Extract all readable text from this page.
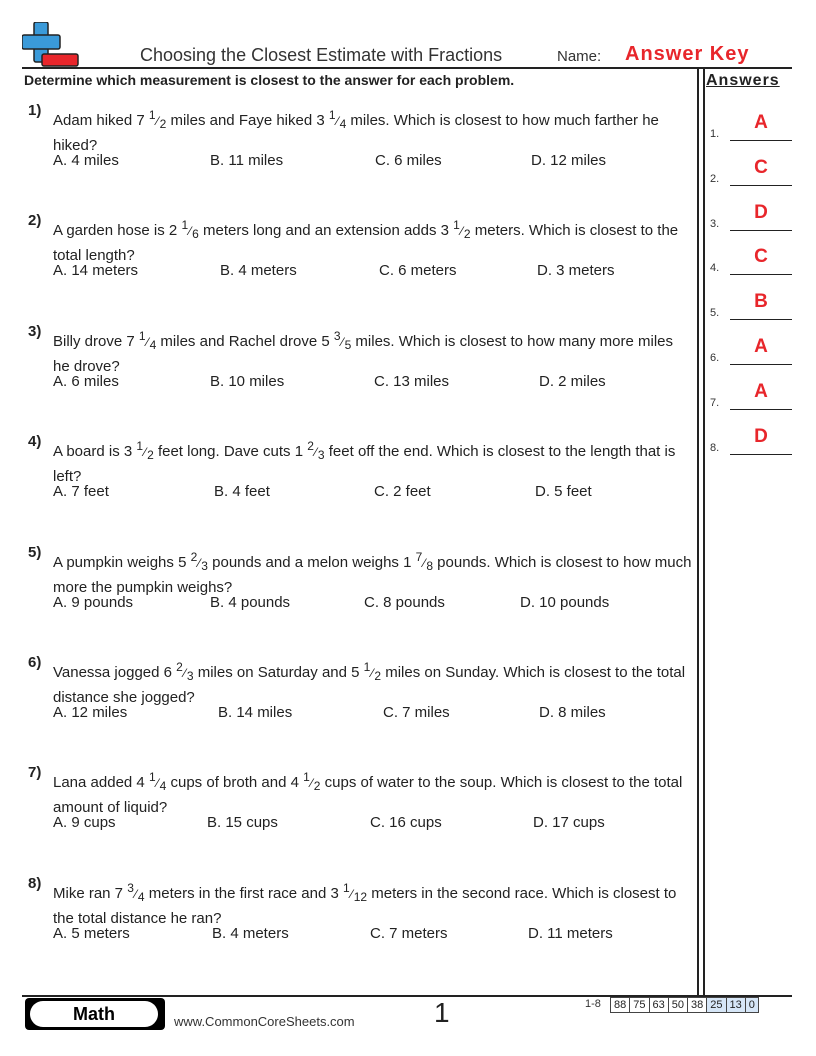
Choosing the Closest Estimate with Fractions	Name: Answer Key
Determine which measurement is closest to the answer for each problem.	Answers
1)
Adam hiked 7 $^1⁄_2$ miles and Faye hiked 3 $^1⁄_4$ miles. Which is closest to how much farther he hiked?
A. 4 miles	B. 11 miles	C. 6 miles	D. 12 miles
2)
A garden hose is 2 $^1⁄_6$ meters long and an extension adds 3 $^1⁄_2$ meters. Which is closest to the total length?
A. 14 meters	B. 4 meters	C. 6 meters	D. 3 meters
3)
Billy drove 7 $^1⁄_4$ miles and Rachel drove 5 $^3⁄_5$ miles. Which is closest to how many more miles he drove?
A. 6 miles	B. 10 miles	C. 13 miles	D. 2 miles
4)
A board is 3 $^1⁄_2$ feet long. Dave cuts 1 $^2⁄_3$ feet off the end. Which is closest to the length that is left?
A. 7 feet	B. 4 feet	C. 2 feet	D. 5 feet
5)
A pumpkin weighs 5 $^2⁄_3$ pounds and a melon weighs 1 $^7⁄_8$ pounds. Which is closest to how much more the pumpkin weighs?
A. 9 pounds	B. 4 pounds	C. 8 pounds	D. 10 pounds
6)
Vanessa jogged 6 $^2⁄_3$ miles on Saturday and 5 $^1⁄_2$ miles on Sunday. Which is closest to the total distance she jogged?
A. 12 miles	B. 14 miles	C. 7 miles	D. 8 miles
7)
Lana added 4 $^1⁄_4$ cups of broth and 4 $^1⁄_2$ cups of water to the soup. Which is closest to the total amount of liquid?
A. 9 cups	B. 15 cups	C. 16 cups	D. 17 cups
8)
Mike ran 7 $^3⁄_4$ meters in the first race and 3 $^1⁄_{12}$ meters in the second race. Which is closest to the total distance he ran?
A. 5 meters	B. 4 meters	C. 7 meters	D. 11 meters
1.
A
2.
C
3.
D
4.
C
5.
B
6.
A
7.
A
8.
D
Math	www.CommonCoreSheets.com	1	1-8 88	75	63	50	38	25	13	0
